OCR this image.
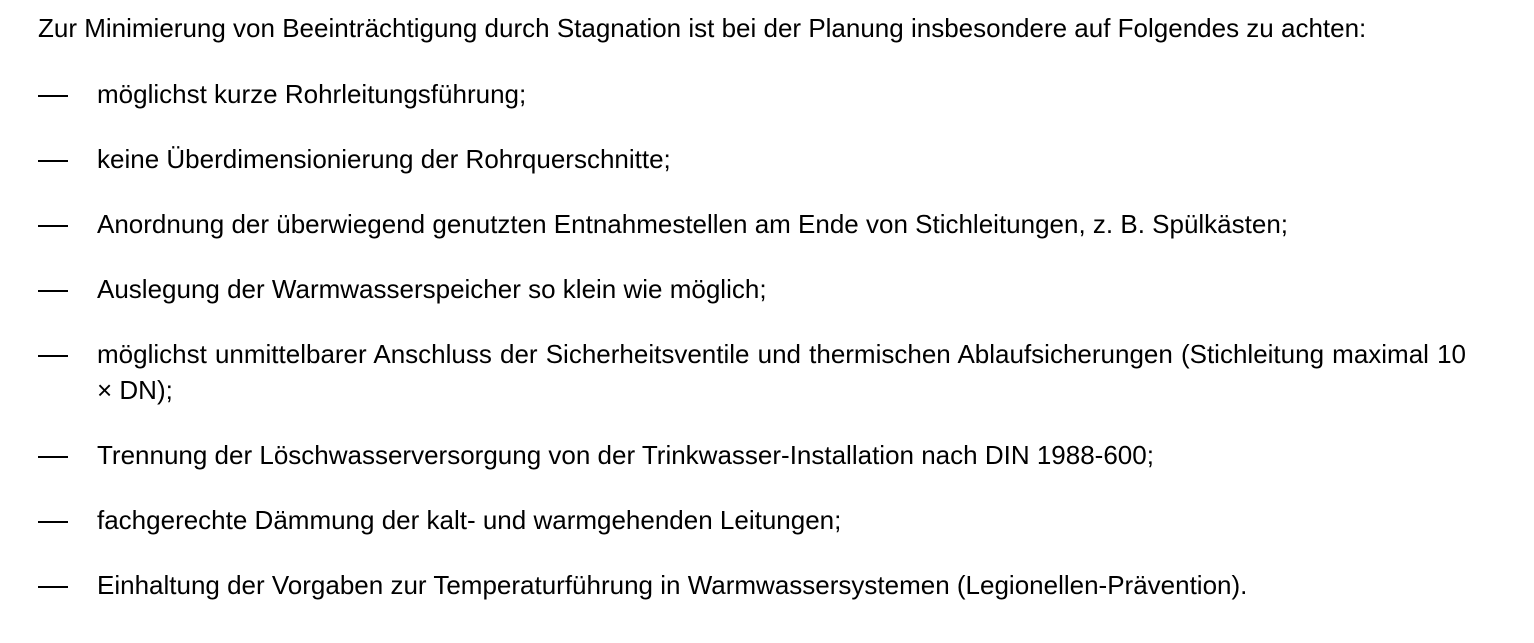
Zur Minimierung von Beeinträchtigung durch Stagnation ist bei der Planung insbesondere auf Folgendes zu achten:

möglichst kurze Rohrleitungsführung;
keine Überdimensionierung der Rohrquerschnitte;
Anordnung der überwiegend genutzten Entnahmestellen am Ende von Stichleitungen, z. B. Spülkästen;
Auslegung der Warmwasserspeicher so klein wie möglich;
möglichst unmittelbarer Anschluss der Sicherheitsventile und thermischen Ablaufsicherungen (Stichleitung maximal 10 × DN);
Trennung der Löschwasserversorgung von der Trinkwasser-Installation nach DIN 1988-600;
fachgerechte Dämmung der kalt- und warmgehenden Leitungen;
Einhaltung der Vorgaben zur Temperaturführung in Warmwassersystemen (Legionellen-Prävention).
